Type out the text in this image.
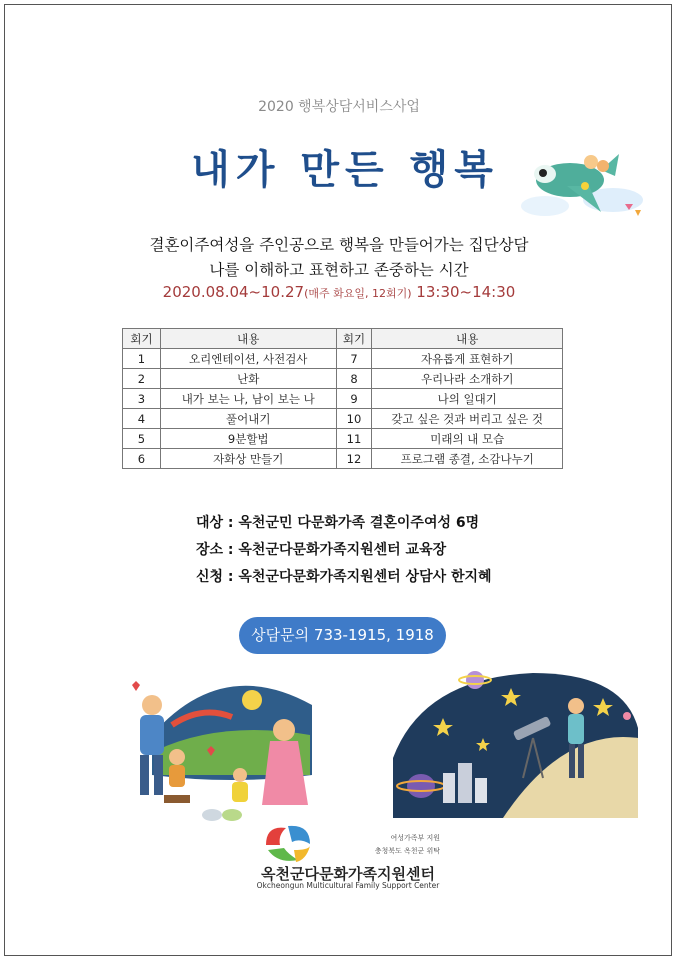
2020 행복상담서비스사업
내가 만든 행복
결혼이주여성을 주인공으로 행복을 만들어가는 집단상담
나를 이해하고 표현하고 존중하는 시간
2020.08.04~10.27(매주 화요일, 12회기) 13:30~14:30
회기	내용	회기	내용
1	오리엔테이션, 사전검사	7	자유롭게 표현하기
2	난화	8	우리나라 소개하기
3	내가 보는 나, 남이 보는 나	9	나의 일대기
4	풀어내기	10	갖고 싶은 것과 버리고 싶은 것
5	9분할법	11	미래의 내 모습
6	자화상 만들기	12	프로그램 종결, 소감나누기
대상 : 옥천군민 다문화가족 결혼이주여성 6명
장소 : 옥천군다문화가족지원센터 교육장
신청 : 옥천군다문화가족지원센터 상담사 한지혜
상담문의 733-1915, 1918
여성가족부 지원
충청북도 옥천군 위탁
옥천군다문화가족지원센터
Okcheongun Multicultural Family Support Center
